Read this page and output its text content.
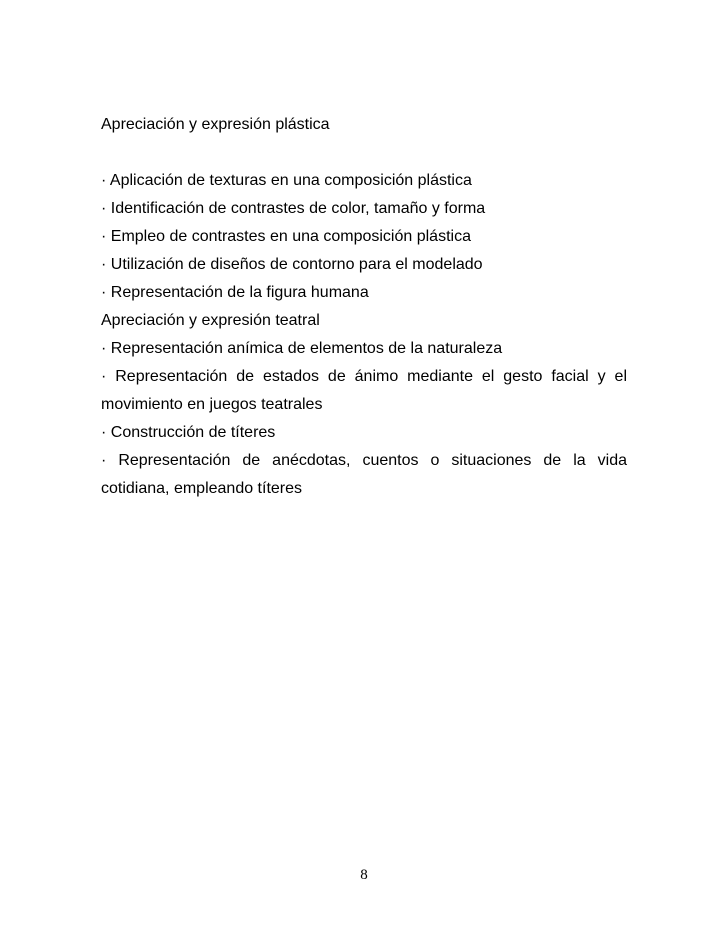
Apreciación y expresión plástica

· Aplicación de texturas en una composición plástica

· Identificación de contrastes de color, tamaño y forma

· Empleo de contrastes en una composición plástica

· Utilización de diseños de contorno para el modelado

· Representación de la figura humana

Apreciación y expresión teatral

· Representación anímica de elementos de la naturaleza

· Representación de estados de ánimo mediante el gesto facial y el movimiento en juegos teatrales

· Construcción de títeres

· Representación de anécdotas, cuentos o situaciones de la vida cotidiana, empleando títeres

8
